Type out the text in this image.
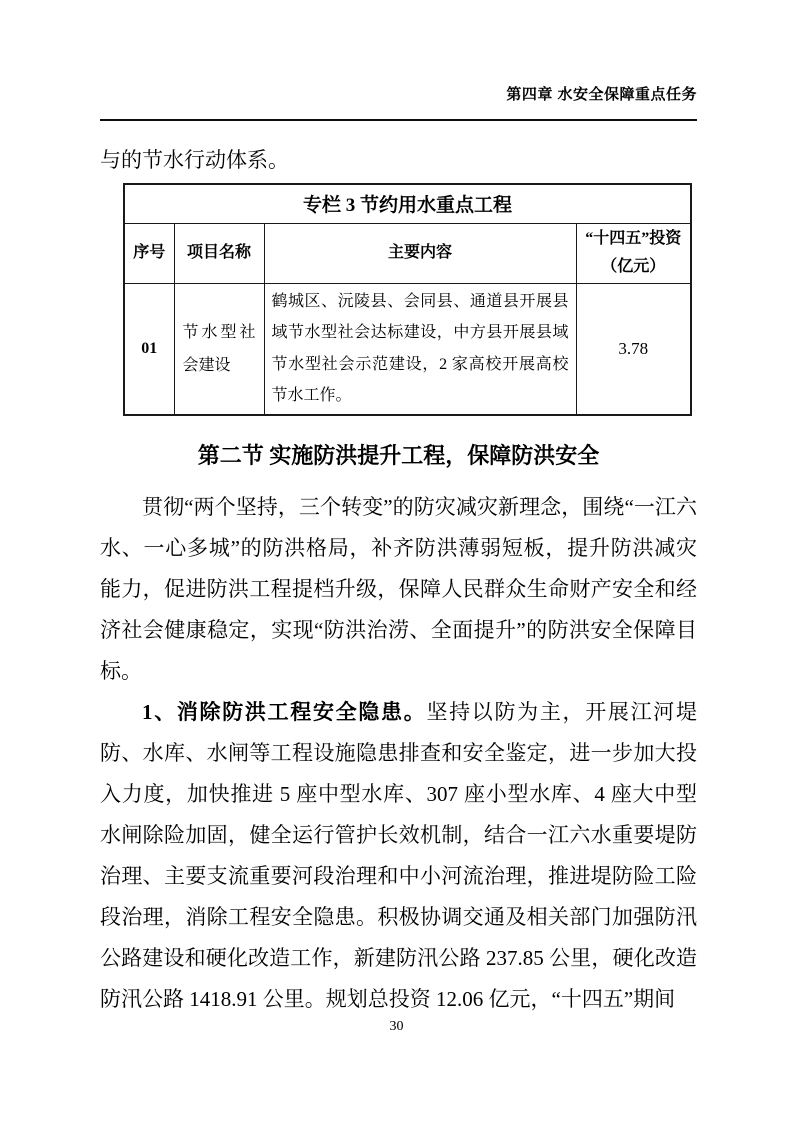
第四章 水安全保障重点任务

与的节水行动体系。

专栏 3 节约用水重点工程			
序号	项目名称	主要内容	“十四五”投资（亿元）
01	节水型社会建设	鹤城区、沅陵县、会同县、通道县开展县域节水型社会达标建设，中方县开展县域节水型社会示范建设，2 家高校开展高校节水工作。	3.78
第二节 实施防洪提升工程，保障防洪安全

贯彻“两个坚持，三个转变”的防灾减灾新理念，围绕“一江六水、一心多城”的防洪格局，补齐防洪薄弱短板，提升防洪减灾能力，促进防洪工程提档升级，保障人民群众生命财产安全和经济社会健康稳定，实现“防洪治涝、全面提升”的防洪安全保障目标。

1、消除防洪工程安全隐患。坚持以防为主，开展江河堤防、水库、水闸等工程设施隐患排查和安全鉴定，进一步加大投入力度，加快推进 5 座中型水库、307 座小型水库、4 座大中型水闸除险加固，健全运行管护长效机制，结合一江六水重要堤防治理、主要支流重要河段治理和中小河流治理，推进堤防险工险段治理，消除工程安全隐患。积极协调交通及相关部门加强防汛公路建设和硬化改造工作，新建防汛公路 237.85 公里，硬化改造防汛公路 1418.91 公里。规划总投资 12.06 亿元，“十四五”期间

30
